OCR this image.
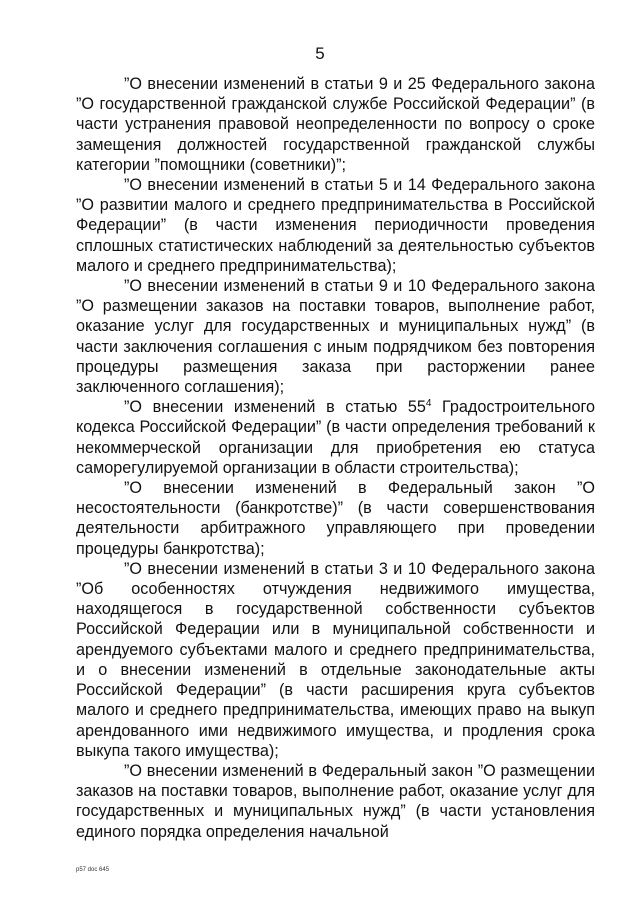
5

”О внесении изменений в статьи 9 и 25 Федерального закона ”О государственной гражданской службе Российской Федерации” (в части устранения правовой неопределенности по вопросу о сроке замещения должностей государственной гражданской службы категории ”помощники (советники)”;

”О внесении изменений в статьи 5 и 14 Федерального закона ”О развитии малого и среднего предпринимательства в Российской Федерации” (в части изменения периодичности проведения сплошных статистических наблюдений за деятельностью субъектов малого и среднего предпринимательства);

”О внесении изменений в статьи 9 и 10 Федерального закона ”О размещении заказов на поставки товаров, выполнение работ, оказание услуг для государственных и муниципальных нужд” (в части заключения соглашения с иным подрядчиком без повторения процедуры размещения заказа при расторжении ранее заключенного соглашения);

”О внесении изменений в статью $55^4$ Градостроительного кодекса Российской Федерации” (в части определения требований к некоммерческой организации для приобретения ею статуса саморегулируемой организации в области строительства);

”О внесении изменений в Федеральный закон ”О несостоятельности (банкротстве)” (в части совершенствования деятельности арбитражного управляющего при проведении процедуры банкротства);

”О внесении изменений в статьи 3 и 10 Федерального закона ”Об особенностях отчуждения недвижимого имущества, находящегося в государственной собственности субъектов Российской Федерации или в муниципальной собственности и арендуемого субъектами малого и среднего предпринимательства, и о внесении изменений в отдельные законодательные акты Российской Федерации” (в части расширения круга субъектов малого и среднего предпринимательства, имеющих право на выкуп арендованного ими недвижимого имущества, и продления срока выкупа такого имущества);

”О внесении изменений в Федеральный закон ”О размещении заказов на поставки товаров, выполнение работ, оказание услуг для государственных и муниципальных нужд” (в части установления единого порядка определения начальной

p57 doc 645
